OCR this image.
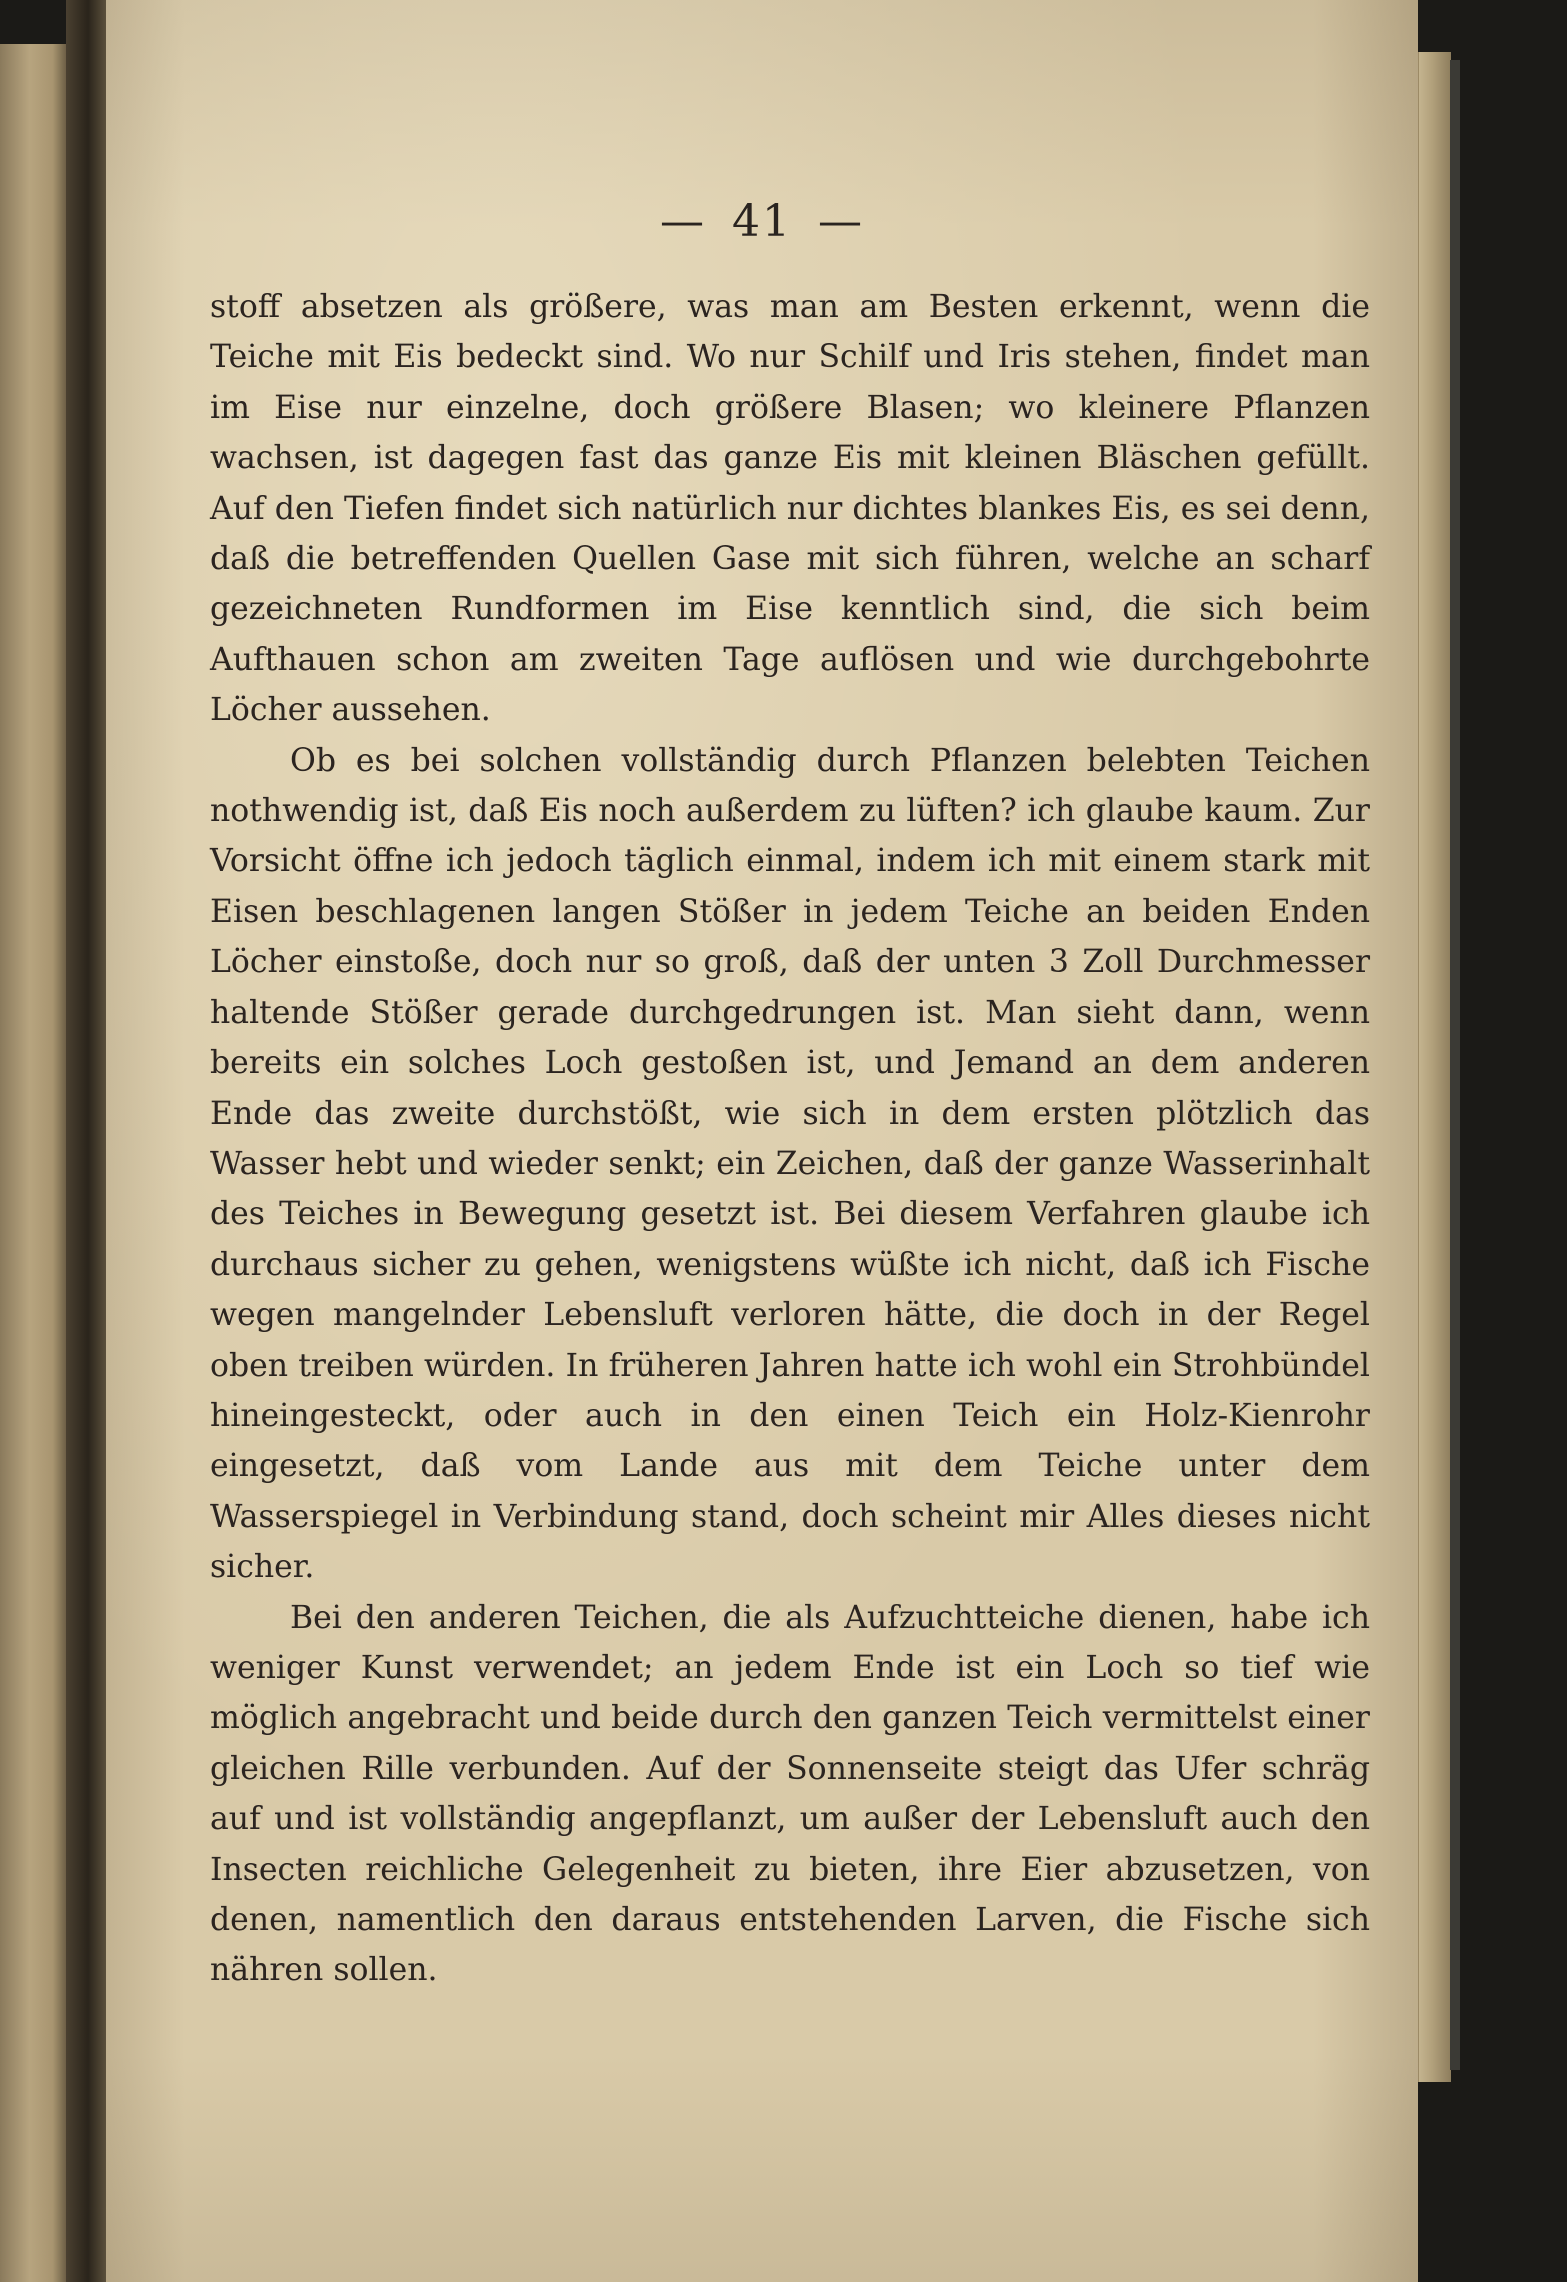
— 41 —

stoff absetzen als größere, was man am Besten erkennt, wenn die Teiche mit Eis bedeckt sind. Wo nur Schilf und Iris stehen, findet man im Eise nur einzelne, doch größere Blasen; wo kleinere Pflanzen wachsen, ist dagegen fast das ganze Eis mit kleinen Bläschen gefüllt. Auf den Tiefen findet sich natürlich nur dichtes blankes Eis, es sei denn, daß die betreffenden Quellen Gase mit sich führen, welche an scharf gezeichneten Rundformen im Eise kenntlich sind, die sich beim Aufthauen schon am zweiten Tage auflösen und wie durchgebohrte Löcher aussehen.

Ob es bei solchen vollständig durch Pflanzen belebten Teichen nothwendig ist, daß Eis noch außerdem zu lüften? ich glaube kaum. Zur Vorsicht öffne ich jedoch täglich einmal, indem ich mit einem stark mit Eisen beschlagenen langen Stößer in jedem Teiche an beiden Enden Löcher einstoße, doch nur so groß, daß der unten 3 Zoll Durchmesser haltende Stößer gerade durchgedrungen ist. Man sieht dann, wenn bereits ein solches Loch gestoßen ist, und Jemand an dem anderen Ende das zweite durchstößt, wie sich in dem ersten plötzlich das Wasser hebt und wieder senkt; ein Zeichen, daß der ganze Wasserinhalt des Teiches in Bewegung gesetzt ist. Bei diesem Verfahren glaube ich durchaus sicher zu gehen, wenigstens wüßte ich nicht, daß ich Fische wegen mangelnder Lebensluft verloren hätte, die doch in der Regel oben treiben würden. In früheren Jahren hatte ich wohl ein Strohbündel hineingesteckt, oder auch in den einen Teich ein Holz-Kienrohr eingesetzt, daß vom Lande aus mit dem Teiche unter dem Wasserspiegel in Verbindung stand, doch scheint mir Alles dieses nicht sicher.

Bei den anderen Teichen, die als Aufzuchtteiche dienen, habe ich weniger Kunst verwendet; an jedem Ende ist ein Loch so tief wie möglich angebracht und beide durch den ganzen Teich vermittelst einer gleichen Rille verbunden. Auf der Sonnenseite steigt das Ufer schräg auf und ist vollständig angepflanzt, um außer der Lebensluft auch den Insecten reichliche Gelegenheit zu bieten, ihre Eier abzusetzen, von denen, namentlich den daraus entstehenden Larven, die Fische sich nähren sollen.
